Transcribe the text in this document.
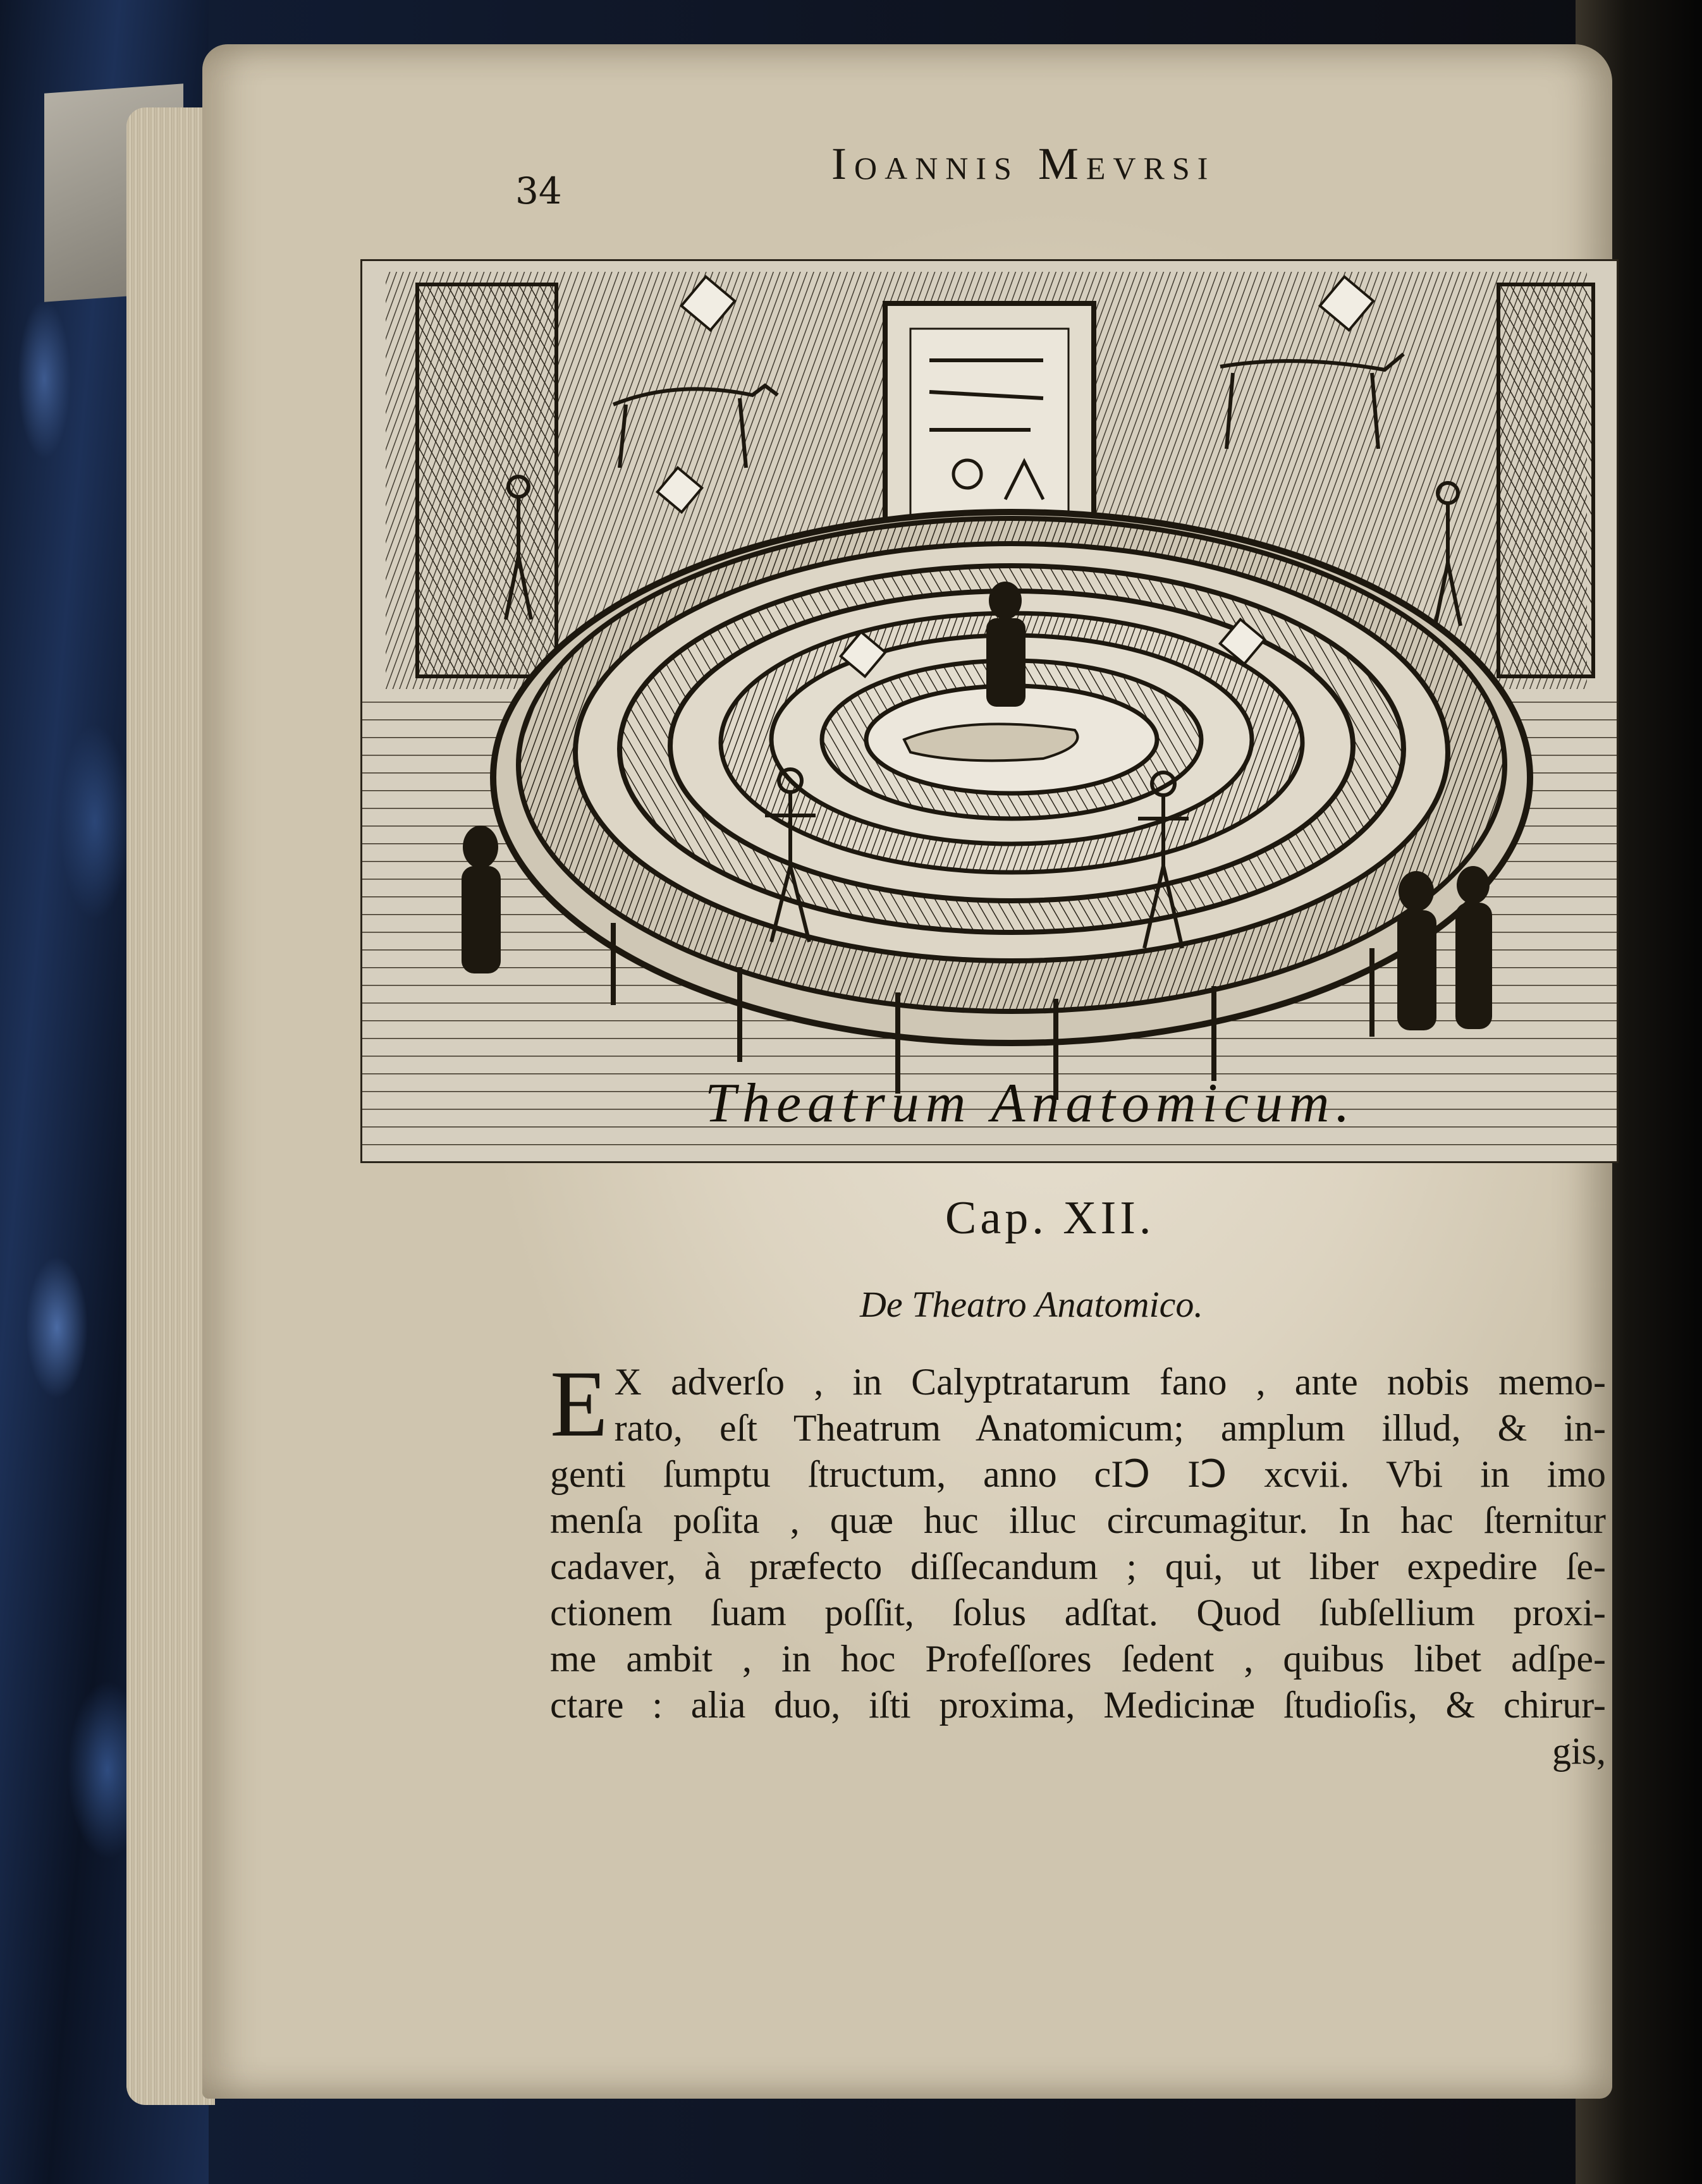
34
Ioannis Mevrsi
Theatrum Anatomicum.
Cap. XII.
De Theatro Anatomico.
E X adverſo , in Calyptratarum fano , ante nobis memo-
rato, eſt Theatrum Anatomicum; amplum illud, & in-
genti ſumptu ſtructum, anno cIↃ IↃ xcvii. Vbi in imo
menſa poſita , quæ huc illuc circumagitur. In hac ſternitur
cadaver, à præfecto diſſecandum ; qui, ut liber expedire ſe-
ctionem ſuam poſſit, ſolus adſtat. Quod ſubſellium proxi-
me ambit , in hoc Profeſſores ſedent , quibus libet adſpe-
ctare : alia duo, iſti proxima, Medicinæ ſtudioſis, & chirur-
gis,
